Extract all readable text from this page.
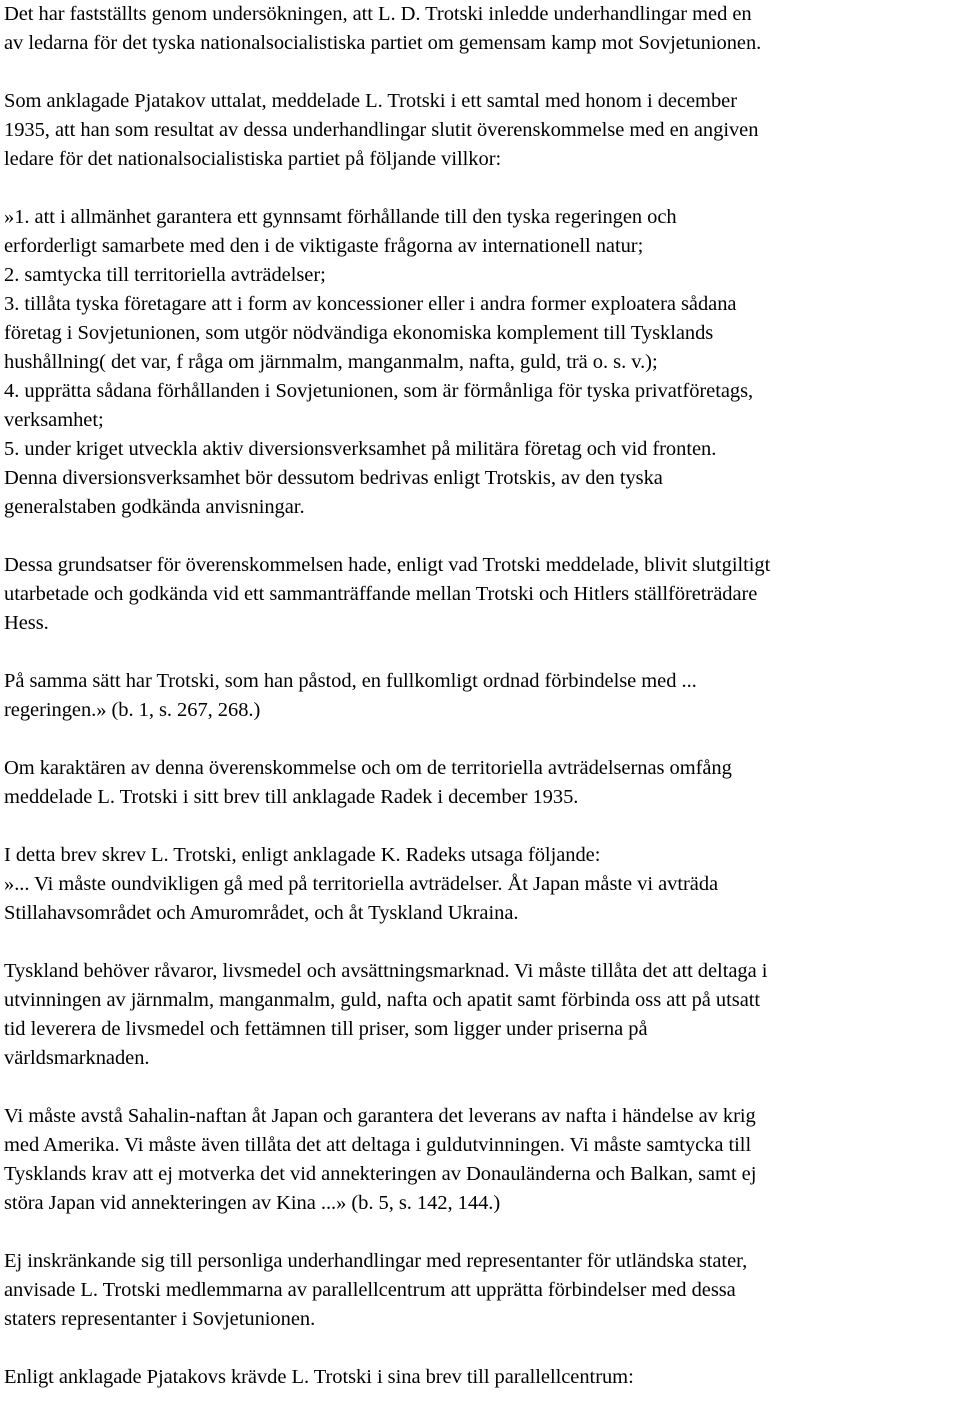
Det har fastställts genom undersökningen, att L. D. Trotski inledde underhandlingar med en
av ledarna för det tyska nationalsocialistiska partiet om gemensam kamp mot Sovjetunionen.
Som anklagade Pjatakov uttalat, meddelade L. Trotski i ett samtal med honom i december
1935, att han som resultat av dessa underhandlingar slutit överenskommelse med en angiven
ledare för det nationalsocialistiska partiet på följande villkor:
»1. att i allmänhet garantera ett gynnsamt förhållande till den tyska regeringen och
erforderligt samarbete med den i de viktigaste frågorna av internationell natur;
2. samtycka till territoriella avträdelser;
3. tillåta tyska företagare att i form av koncessioner eller i andra former exploatera sådana
företag i Sovjetunionen, som utgör nödvändiga ekonomiska komplement till Tysklands
hushållning( det var, f råga om järnmalm, manganmalm, nafta, guld, trä o. s. v.);
4. upprätta sådana förhållanden i Sovjetunionen, som är förmånliga för tyska privatföretags,
verksamhet;
5. under kriget utveckla aktiv diversionsverksamhet på militära företag och vid fronten.
Denna diversionsverksamhet bör dessutom bedrivas enligt Trotskis, av den tyska
generalstaben godkända anvisningar.
Dessa grundsatser för överenskommelsen hade, enligt vad Trotski meddelade, blivit slutgiltigt
utarbetade och godkända vid ett sammanträffande mellan Trotski och Hitlers ställföreträdare
Hess.
På samma sätt har Trotski, som han påstod, en fullkomligt ordnad förbindelse med ...
regeringen.» (b. 1, s. 267, 268.)
Om karaktären av denna överenskommelse och om de territoriella avträdelsernas omfång
meddelade L. Trotski i sitt brev till anklagade Radek i december 1935.
I detta brev skrev L. Trotski, enligt anklagade K. Radeks utsaga följande:
»... Vi måste oundvikligen gå med på territoriella avträdelser. Åt Japan måste vi avträda
Stillahavsområdet och Amurområdet, och åt Tyskland Ukraina.
Tyskland behöver råvaror, livsmedel och avsättningsmarknad. Vi måste tillåta det att deltaga i
utvinningen av järnmalm, manganmalm, guld, nafta och apatit samt förbinda oss att på utsatt
tid leverera de livsmedel och fettämnen till priser, som ligger under priserna på
världsmarknaden.
Vi måste avstå Sahalin-naftan åt Japan och garantera det leverans av nafta i händelse av krig
med Amerika. Vi måste även tillåta det att deltaga i guldutvinningen. Vi måste samtycka till
Tysklands krav att ej motverka det vid annekteringen av Donauländerna och Balkan, samt ej
störa Japan vid annekteringen av Kina ...» (b. 5, s. 142, 144.)
Ej inskränkande sig till personliga underhandlingar med representanter för utländska stater,
anvisade L. Trotski medlemmarna av parallellcentrum att upprätta förbindelser med dessa
staters representanter i Sovjetunionen.
Enligt anklagade Pjatakovs krävde L. Trotski i sina brev till parallellcentrum:
